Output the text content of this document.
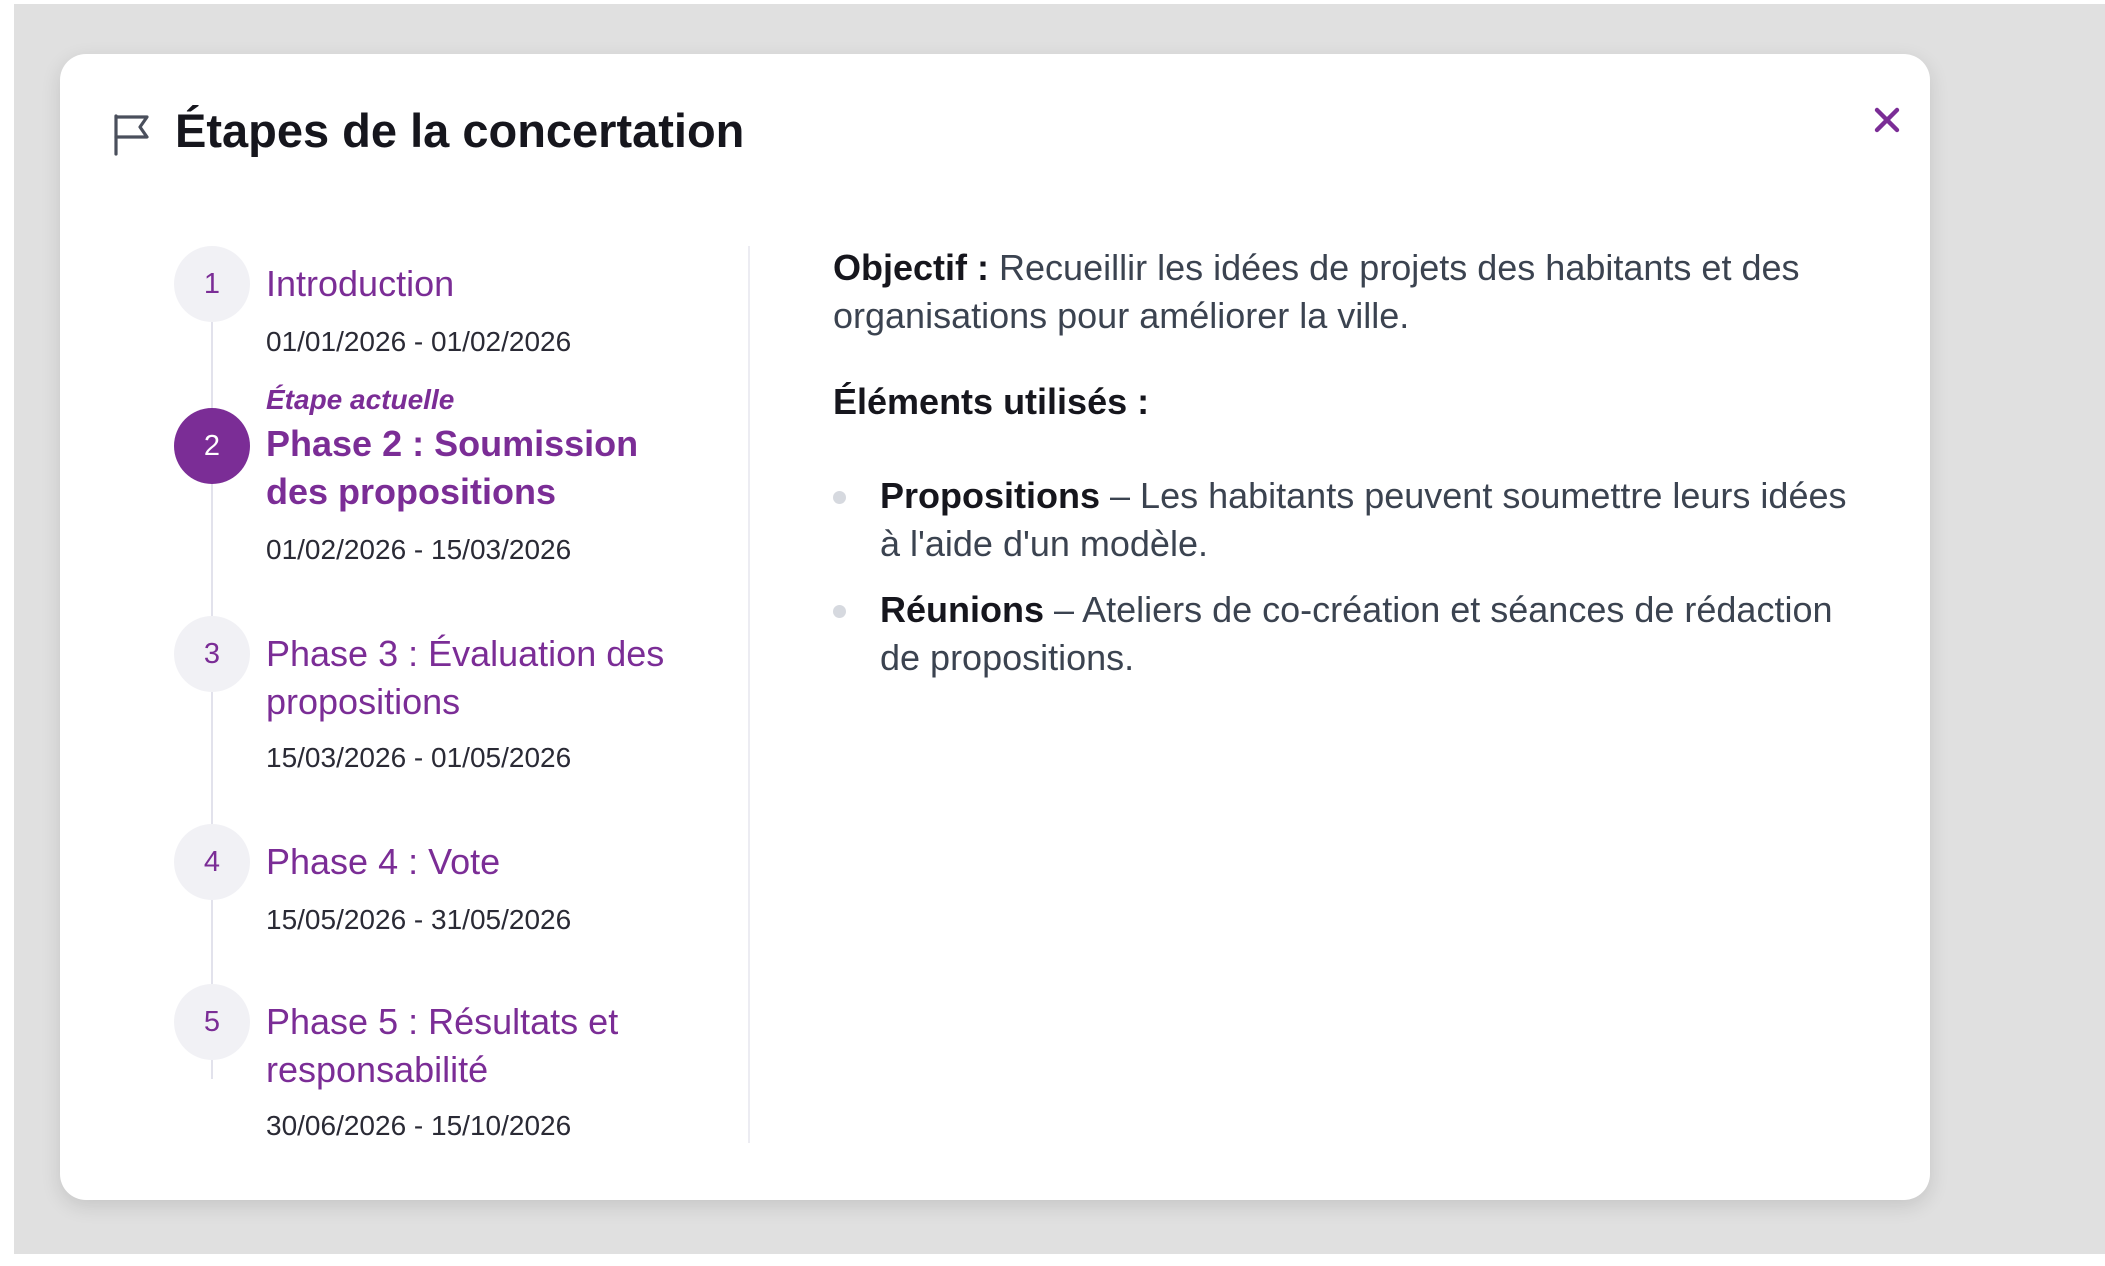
Étapes de la concertation
1	Introduction
01/01/2026 - 01/02/2026
Étape actuelle
2	Phase 2 : Soumission des propositions
01/02/2026 - 15/03/2026
3	Phase 3 : Évaluation des propositions
15/03/2026 - 01/05/2026
4	Phase 4 : Vote
15/05/2026 - 31/05/2026
5	Phase 5 : Résultats et responsabilité
30/06/2026 - 15/10/2026

Objectif : Recueillir les idées de projets des habitants et des organisations pour améliorer la ville.

Éléments utilisés :
Propositions – Les habitants peuvent soumettre leurs idées à l'aide d'un modèle.
Réunions – Ateliers de co-création et séances de rédaction de propositions.
